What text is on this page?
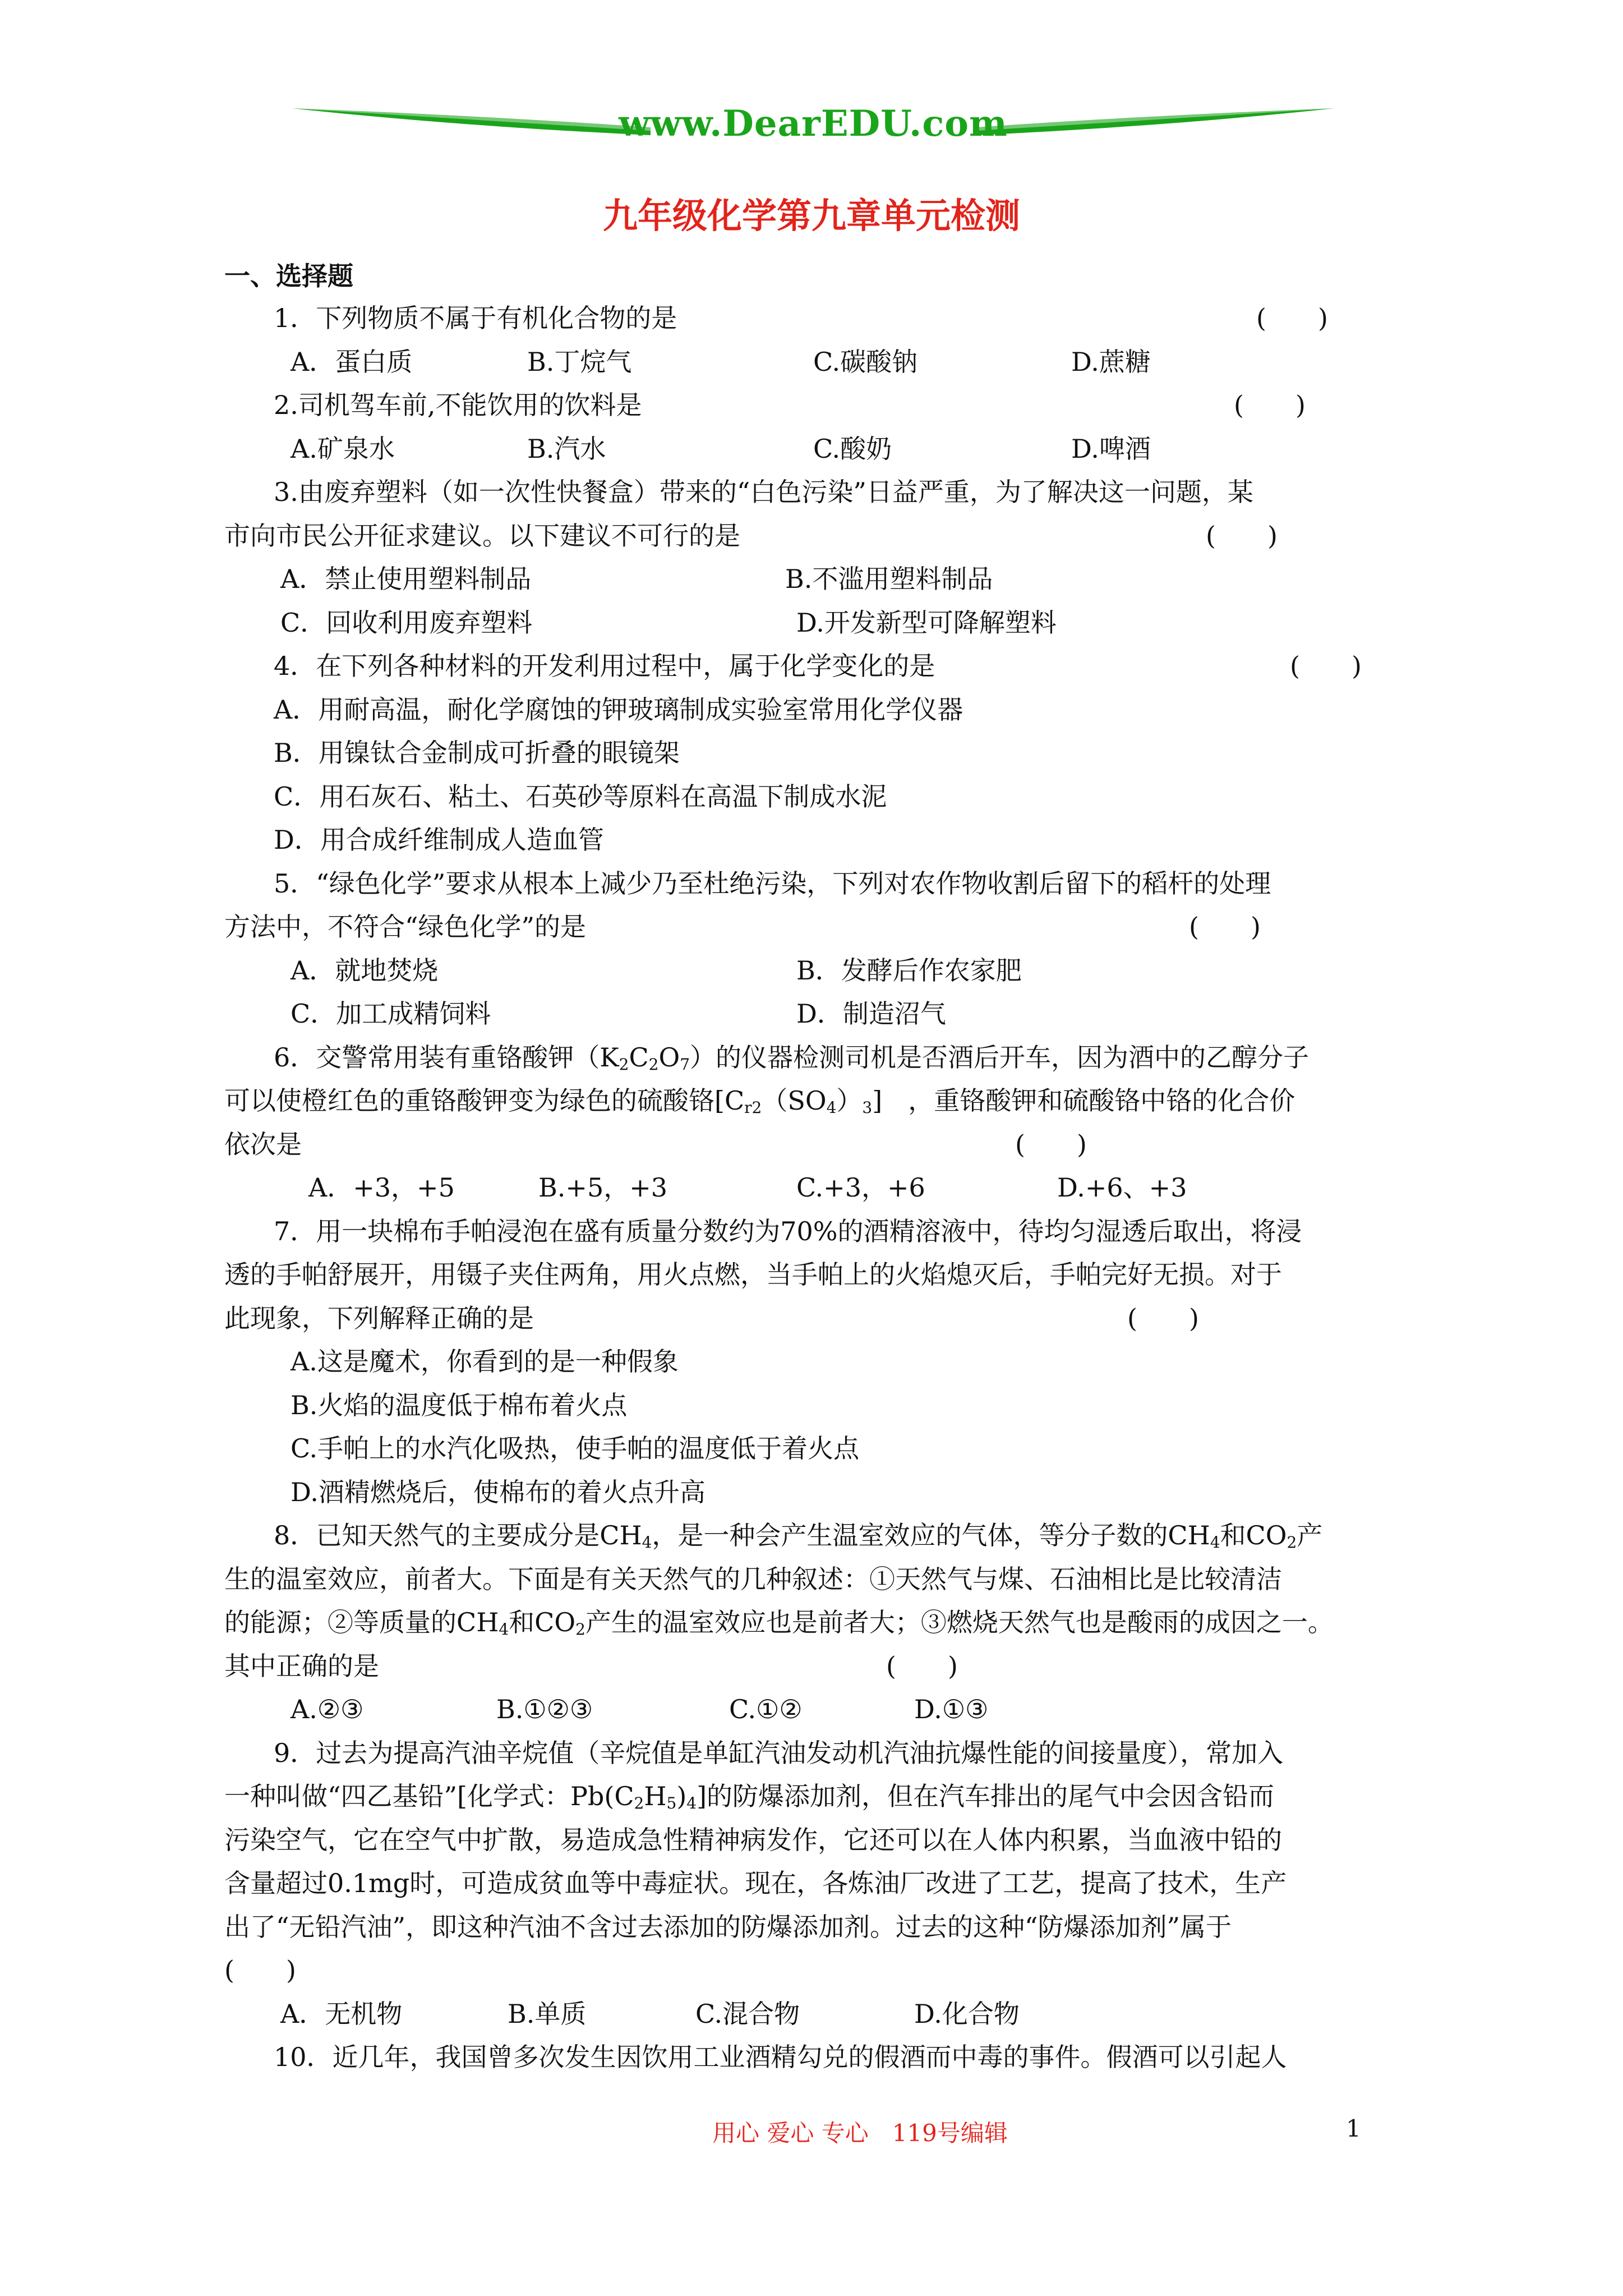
www.DearEDU.com
九年级化学第九章单元检测
一、选择题
1．下列物质不属于有机化合物的是	(　　)
A．蛋白质	B.丁烷气	C.碳酸钠	D.蔗糖
2.司机驾车前,不能饮用的饮料是	(　　)
A.矿泉水	B.汽水	C.酸奶	D.啤酒
3.由废弃塑料（如一次性快餐盒）带来的“白色污染”日益严重，为了解决这一问题，某
市向市民公开征求建议。以下建议不可行的是	(　　)
A．禁止使用塑料制品	B.不滥用塑料制品
C．回收利用废弃塑料	D.开发新型可降解塑料
4．在下列各种材料的开发利用过程中，属于化学变化的是	(　　)
A．用耐高温，耐化学腐蚀的钾玻璃制成实验室常用化学仪器
B．用镍钛合金制成可折叠的眼镜架
C．用石灰石、粘土、石英砂等原料在高温下制成水泥
D．用合成纤维制成人造血管
5．“绿色化学”要求从根本上减少乃至杜绝污染，下列对农作物收割后留下的稻杆的处理
方法中，不符合“绿色化学”的是	(　　)
A．就地焚烧	B．发酵后作农家肥
C．加工成精饲料	D．制造沼气
6．交警常用装有重铬酸钾$(K_2C_2O_7)$的仪器检测司机是否酒后开车，因为酒中的乙醇分子
可以使橙红色的重铬酸钾变为绿色的硫酸铬$[C_{r2}(SO_4)_3]$　，重铬酸钾和硫酸铬中铬的化合价
依次是	(　　)
A．+3，+5	B.+5，+3	C.+3，+6	D.+6、+3
7．用一块棉布手帕浸泡在盛有质量分数约为70%的酒精溶液中，待均匀湿透后取出，将浸
透的手帕舒展开，用镊子夹住两角，用火点燃，当手帕上的火焰熄灭后，手帕完好无损。对于
此现象，下列解释正确的是	(　　)
A.这是魔术，你看到的是一种假象
B.火焰的温度低于棉布着火点
C.手帕上的水汽化吸热，使手帕的温度低于着火点
D.酒精燃烧后，使棉布的着火点升高
8．已知天然气的主要成分是$CH_4$，是一种会产生温室效应的气体，等分子数的$CH_4$和$CO_2$产
生的温室效应，前者大。下面是有关天然气的几种叙述：①天然气与煤、石油相比是比较清洁
的能源；②等质量的$CH_4$和$CO_2$产生的温室效应也是前者大；③燃烧天然气也是酸雨的成因之一。
其中正确的是	(　　)
A.②③	B.①②③	C.①②	D.①③
9．过去为提高汽油辛烷值（辛烷值是单缸汽油发动机汽油抗爆性能的间接量度），常加入
一种叫做“四乙基铅”[化学式：$Pb(C_2H_5)_4$]的防爆添加剂，但在汽车排出的尾气中会因含铅而
污染空气，它在空气中扩散，易造成急性精神病发作，它还可以在人体内积累，当血液中铅的
含量超过0.1mg时，可造成贫血等中毒症状。现在，各炼油厂改进了工艺，提高了技术，生产
出了“无铅汽油”，即这种汽油不含过去添加的防爆添加剂。过去的这种“防爆添加剂”属于
(　　)
A．无机物	B.单质	C.混合物	D.化合物
10．近几年，我国曾多次发生因饮用工业酒精勾兑的假酒而中毒的事件。假酒可以引起人
用心 爱心 专心　119号编辑	1
